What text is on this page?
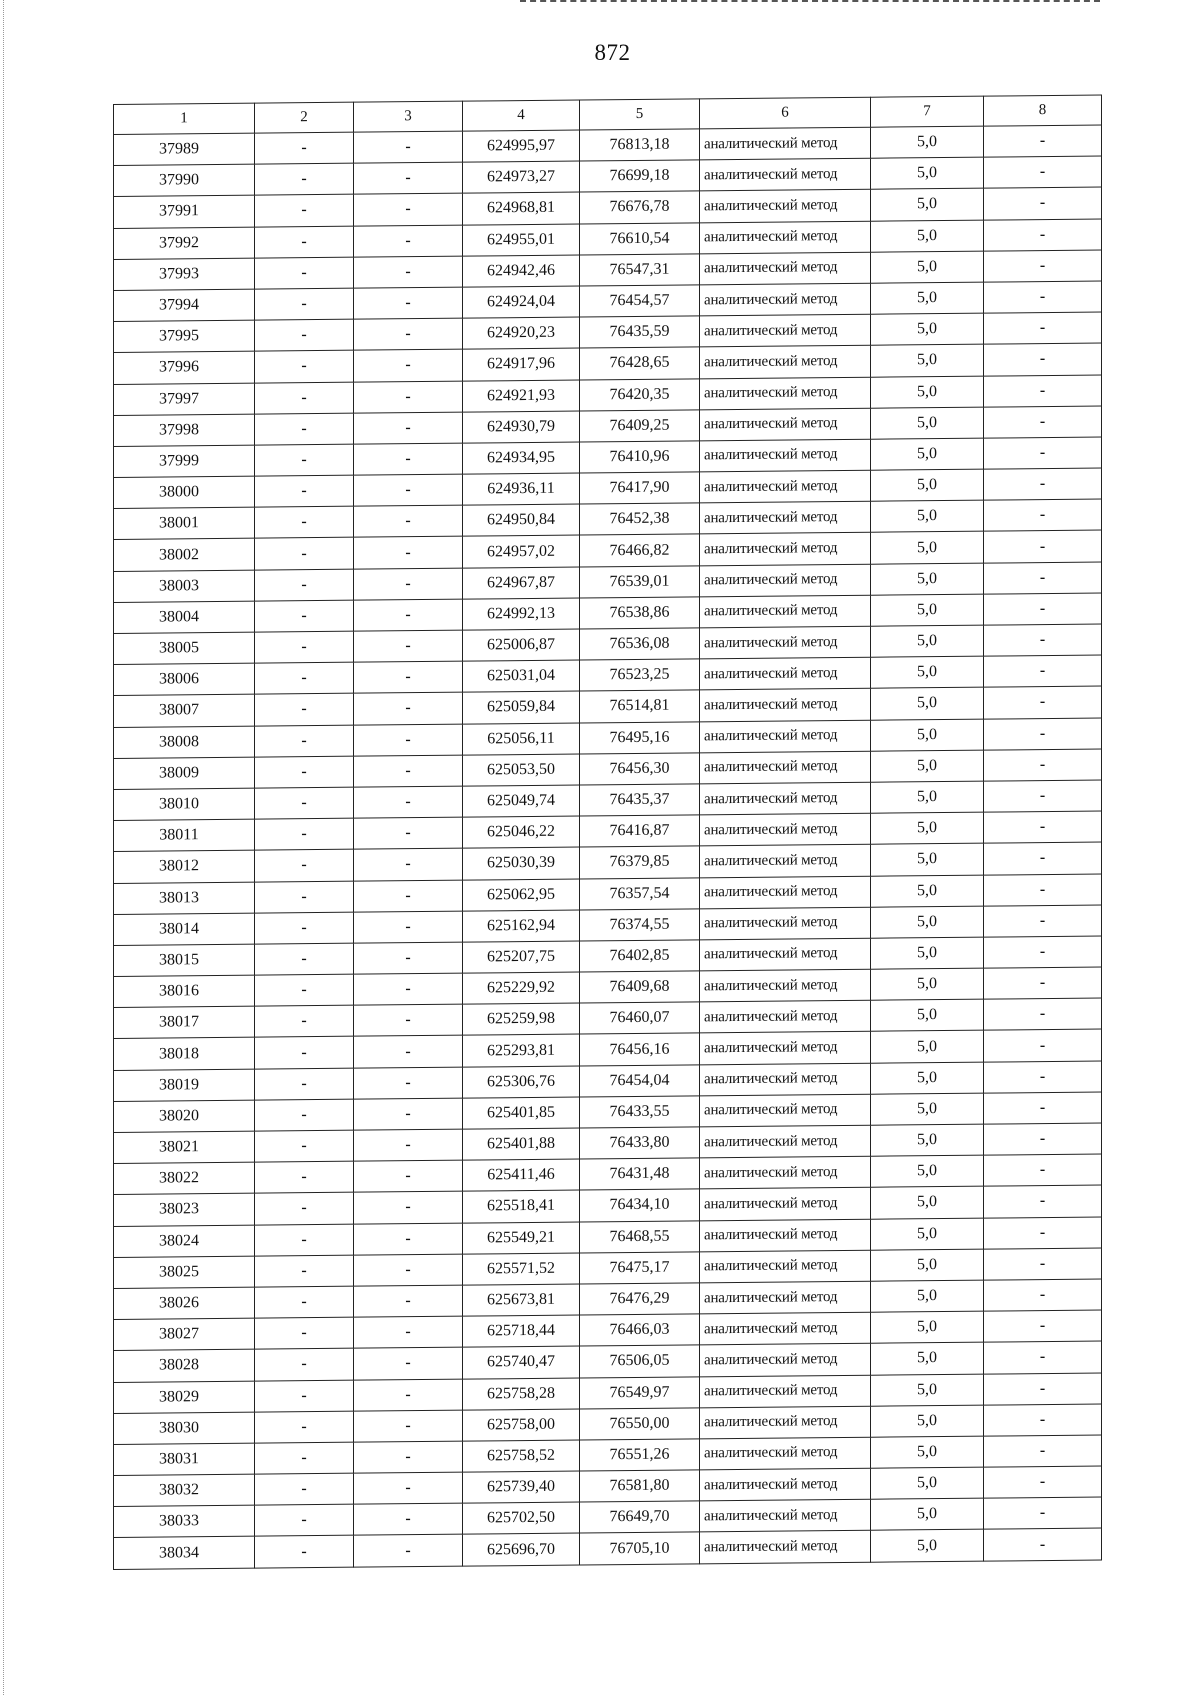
872
1	2	3	4	5	6	7	8
37989	-	-	624995,97	76813,18	аналитический метод	5,0	-
37990	-	-	624973,27	76699,18	аналитический метод	5,0	-
37991	-	-	624968,81	76676,78	аналитический метод	5,0	-
37992	-	-	624955,01	76610,54	аналитический метод	5,0	-
37993	-	-	624942,46	76547,31	аналитический метод	5,0	-
37994	-	-	624924,04	76454,57	аналитический метод	5,0	-
37995	-	-	624920,23	76435,59	аналитический метод	5,0	-
37996	-	-	624917,96	76428,65	аналитический метод	5,0	-
37997	-	-	624921,93	76420,35	аналитический метод	5,0	-
37998	-	-	624930,79	76409,25	аналитический метод	5,0	-
37999	-	-	624934,95	76410,96	аналитический метод	5,0	-
38000	-	-	624936,11	76417,90	аналитический метод	5,0	-
38001	-	-	624950,84	76452,38	аналитический метод	5,0	-
38002	-	-	624957,02	76466,82	аналитический метод	5,0	-
38003	-	-	624967,87	76539,01	аналитический метод	5,0	-
38004	-	-	624992,13	76538,86	аналитический метод	5,0	-
38005	-	-	625006,87	76536,08	аналитический метод	5,0	-
38006	-	-	625031,04	76523,25	аналитический метод	5,0	-
38007	-	-	625059,84	76514,81	аналитический метод	5,0	-
38008	-	-	625056,11	76495,16	аналитический метод	5,0	-
38009	-	-	625053,50	76456,30	аналитический метод	5,0	-
38010	-	-	625049,74	76435,37	аналитический метод	5,0	-
38011	-	-	625046,22	76416,87	аналитический метод	5,0	-
38012	-	-	625030,39	76379,85	аналитический метод	5,0	-
38013	-	-	625062,95	76357,54	аналитический метод	5,0	-
38014	-	-	625162,94	76374,55	аналитический метод	5,0	-
38015	-	-	625207,75	76402,85	аналитический метод	5,0	-
38016	-	-	625229,92	76409,68	аналитический метод	5,0	-
38017	-	-	625259,98	76460,07	аналитический метод	5,0	-
38018	-	-	625293,81	76456,16	аналитический метод	5,0	-
38019	-	-	625306,76	76454,04	аналитический метод	5,0	-
38020	-	-	625401,85	76433,55	аналитический метод	5,0	-
38021	-	-	625401,88	76433,80	аналитический метод	5,0	-
38022	-	-	625411,46	76431,48	аналитический метод	5,0	-
38023	-	-	625518,41	76434,10	аналитический метод	5,0	-
38024	-	-	625549,21	76468,55	аналитический метод	5,0	-
38025	-	-	625571,52	76475,17	аналитический метод	5,0	-
38026	-	-	625673,81	76476,29	аналитический метод	5,0	-
38027	-	-	625718,44	76466,03	аналитический метод	5,0	-
38028	-	-	625740,47	76506,05	аналитический метод	5,0	-
38029	-	-	625758,28	76549,97	аналитический метод	5,0	-
38030	-	-	625758,00	76550,00	аналитический метод	5,0	-
38031	-	-	625758,52	76551,26	аналитический метод	5,0	-
38032	-	-	625739,40	76581,80	аналитический метод	5,0	-
38033	-	-	625702,50	76649,70	аналитический метод	5,0	-
38034	-	-	625696,70	76705,10	аналитический метод	5,0	-
